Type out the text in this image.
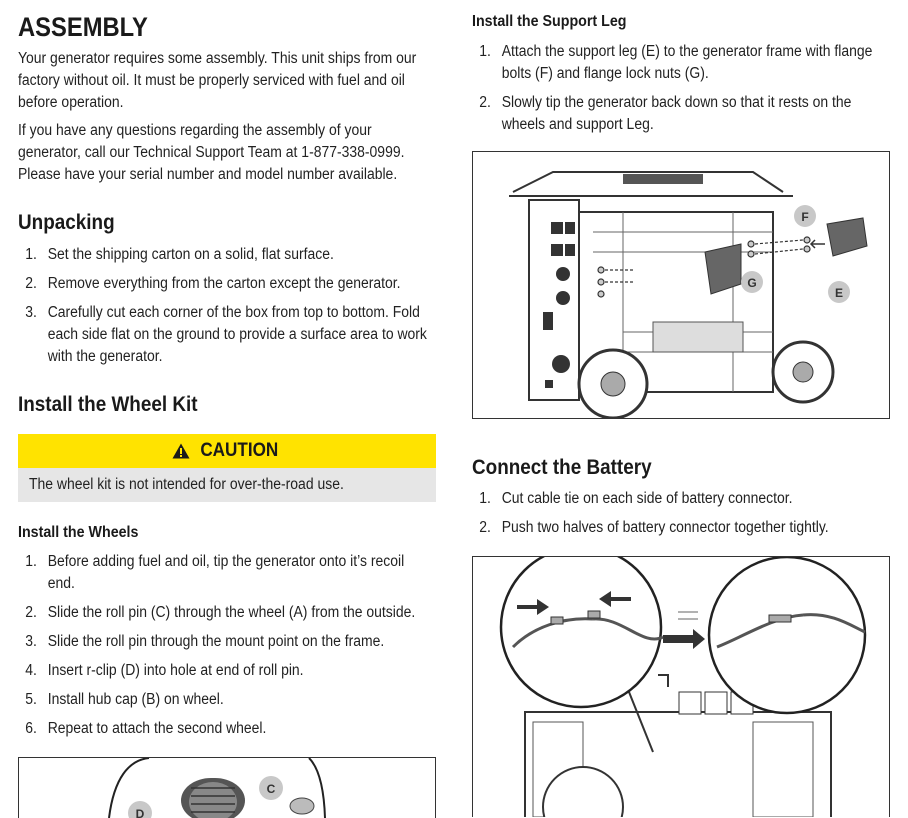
ASSEMBLY

Your generator requires some assembly. This unit ships from our factory without oil. It must be properly serviced with fuel and oil before operation.

If you have any questions regarding the assembly of your generator, call our Technical Support Team at 1-877-338-0999. Please have your serial number and model number available.

Unpacking
1. Set the shipping carton on a solid, flat surface.
2. Remove everything from the carton except the generator.
3. Carefully cut each corner of the box from top to bottom. Fold each side flat on the ground to provide a surface area to work with the generator.
Install the Wheel Kit
CAUTION
The wheel kit is not intended for over-the-road use.
Install the Wheels
1. Before adding fuel and oil, tip the generator onto it’s recoil end.
2. Slide the roll pin (C) through the wheel (A) from the outside.
3. Slide the roll pin through the mount point on the frame.
4. Insert r-clip (D) into hole at end of roll pin.
5. Install hub cap (B) on wheel.
6. Repeat to attach the second wheel.
D
C
Install the Support Leg
1. Attach the support leg (E) to the generator frame with flange bolts (F) and flange lock nuts (G).
2. Slowly tip the generator back down so that it rests on the wheels and support Leg.
F
G
E
Connect the Battery
1. Cut cable tie on each side of battery connector.
2. Push two halves of battery connector together tightly.
